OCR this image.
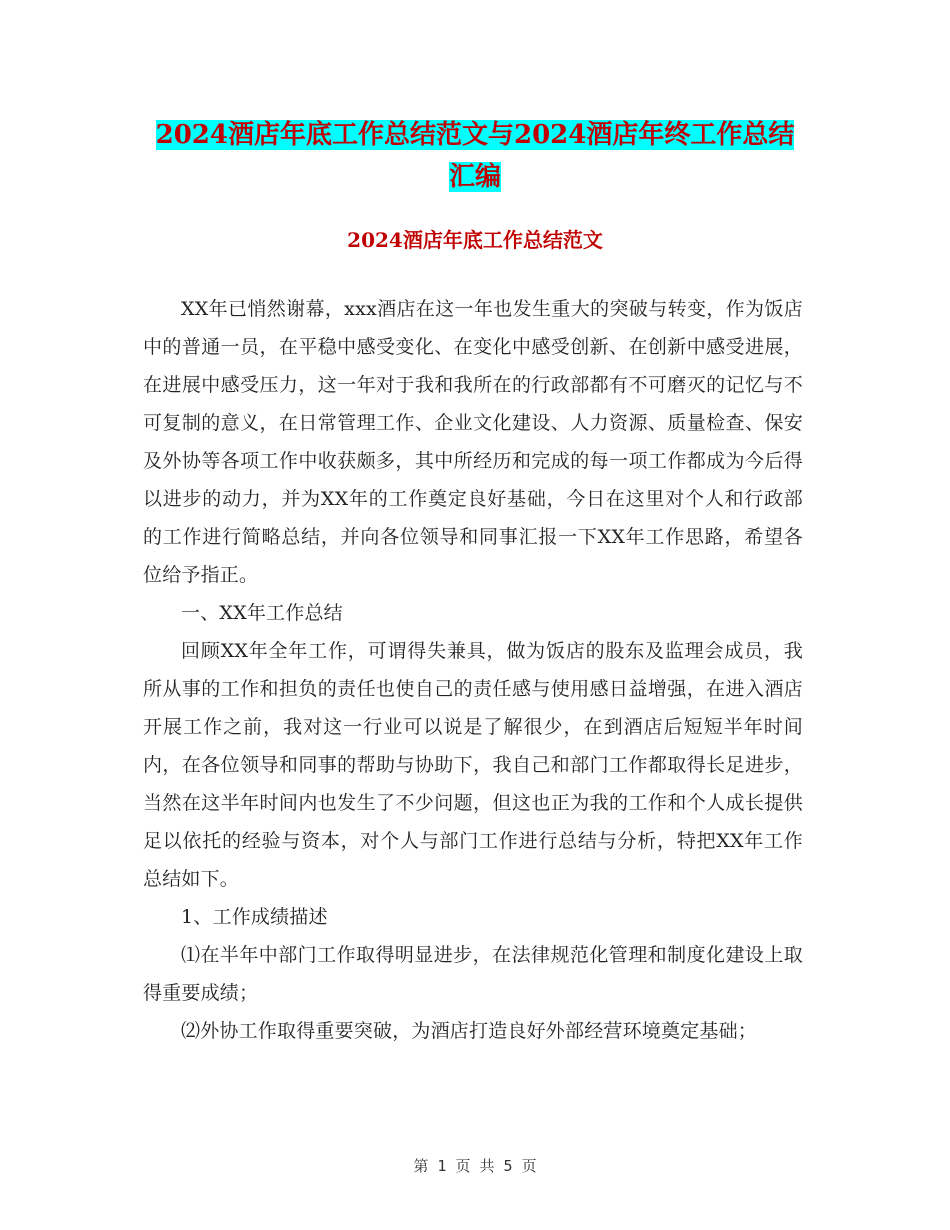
2024酒店年底工作总结范文与2024酒店年终工作总结
汇编
2024酒店年底工作总结范文

XX年已悄然谢幕，xxx酒店在这一年也发生重大的突破与转变，作为饭店中的普通一员，在平稳中感受变化、在变化中感受创新、在创新中感受进展，在进展中感受压力，这一年对于我和我所在的行政部都有不可磨灭的记忆与不可复制的意义，在日常管理工作、企业文化建设、人力资源、质量检查、保安及外协等各项工作中收获颇多，其中所经历和完成的每一项工作都成为今后得以进步的动力，并为XX年的工作奠定良好基础，今日在这里对个人和行政部的工作进行简略总结，并向各位领导和同事汇报一下XX年工作思路，希望各位给予指正。

一、XX年工作总结

回顾XX年全年工作，可谓得失兼具，做为饭店的股东及监理会成员，我所从事的工作和担负的责任也使自己的责任感与使用感日益增强，在进入酒店开展工作之前，我对这一行业可以说是了解很少，在到酒店后短短半年时间内，在各位领导和同事的帮助与协助下，我自己和部门工作都取得长足进步，当然在这半年时间内也发生了不少问题，但这也正为我的工作和个人成长提供足以依托的经验与资本，对个人与部门工作进行总结与分析，特把XX年工作总结如下。

1、工作成绩描述

⑴在半年中部门工作取得明显进步，在法律规范化管理和制度化建设上取得重要成绩；

⑵外协工作取得重要突破，为酒店打造良好外部经营环境奠定基础；

第 1 页 共 5 页
